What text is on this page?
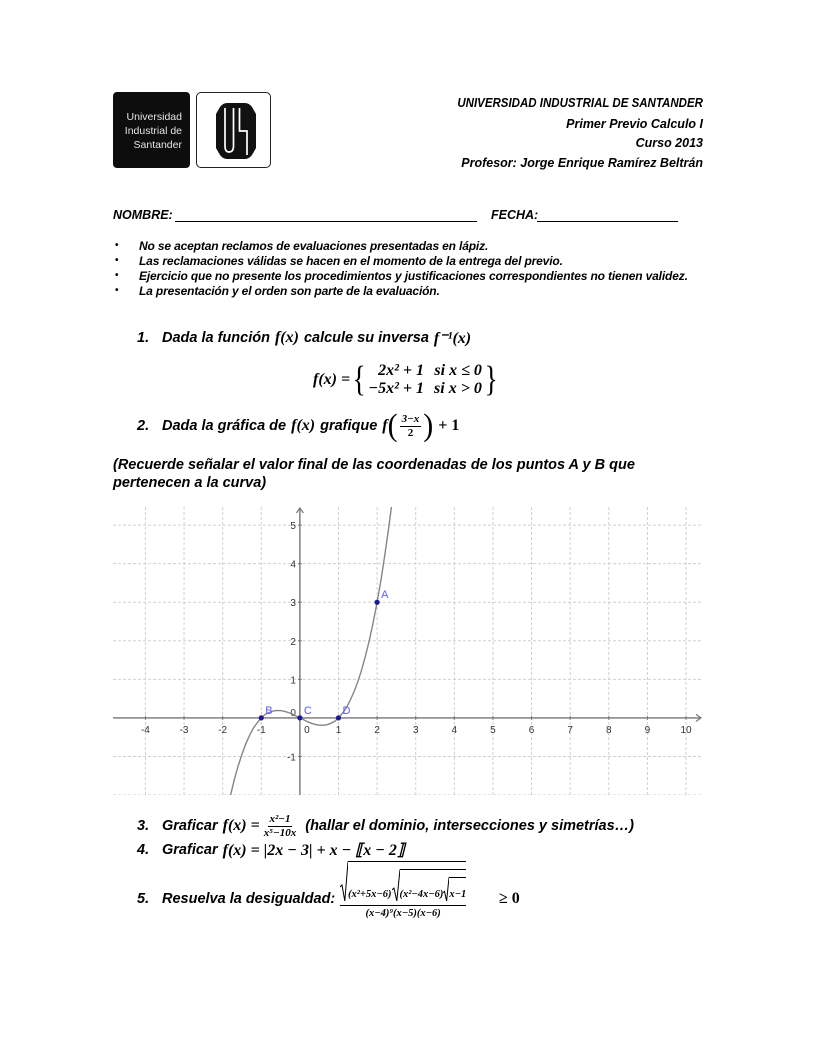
Universidad
Industrial de
Santander
UNIVERSIDAD INDUSTRIAL DE SANTANDER
Primer Previo Calculo I
Curso 2013
Profesor: Jorge Enrique Ramírez Beltrán
NOMBRE:	FECHA:
•	No se aceptan reclamos de evaluaciones presentadas en lápiz.
•	Las reclamaciones válidas se hacen en el momento de la entrega del previo.
•	Ejercicio que no presente los procedimientos y justificaciones correspondientes no tienen validez.
•	La presentación y el orden son parte de la evaluación.
1. Dada la función f(x) calcule su inversa f⁻¹(x)
f(x) = { 2x² + 1 si x ≤ 0
−5x² + 1 si x > 0 }
2. Dada la gráfica de f(x) grafique f ( $\frac{3-x}{2}$ ) + 1
(Recuerde señalar el valor final de las coordenadas de los puntos A y B que
pertenecen a la curva)
-4	-3	-2	-1	0	1	2	3	4	5	6	7	8	9	10
-1
0
1
2
3
4
5
A
B	C	D
3. Graficar $f(x) = \frac{\text{x²−1}}{\text{x⁵−10x}}$ (hallar el dominio, intersecciones y simetrías…)
4. Graficar f(x) = |2x − 3| + x − ⟦x − 2⟧
5. Resuelva la desigualdad: (x²+5x−6) (x²−4x−6) x−1
(x−4)⁹(x−5)(x−6)
≥ 0
